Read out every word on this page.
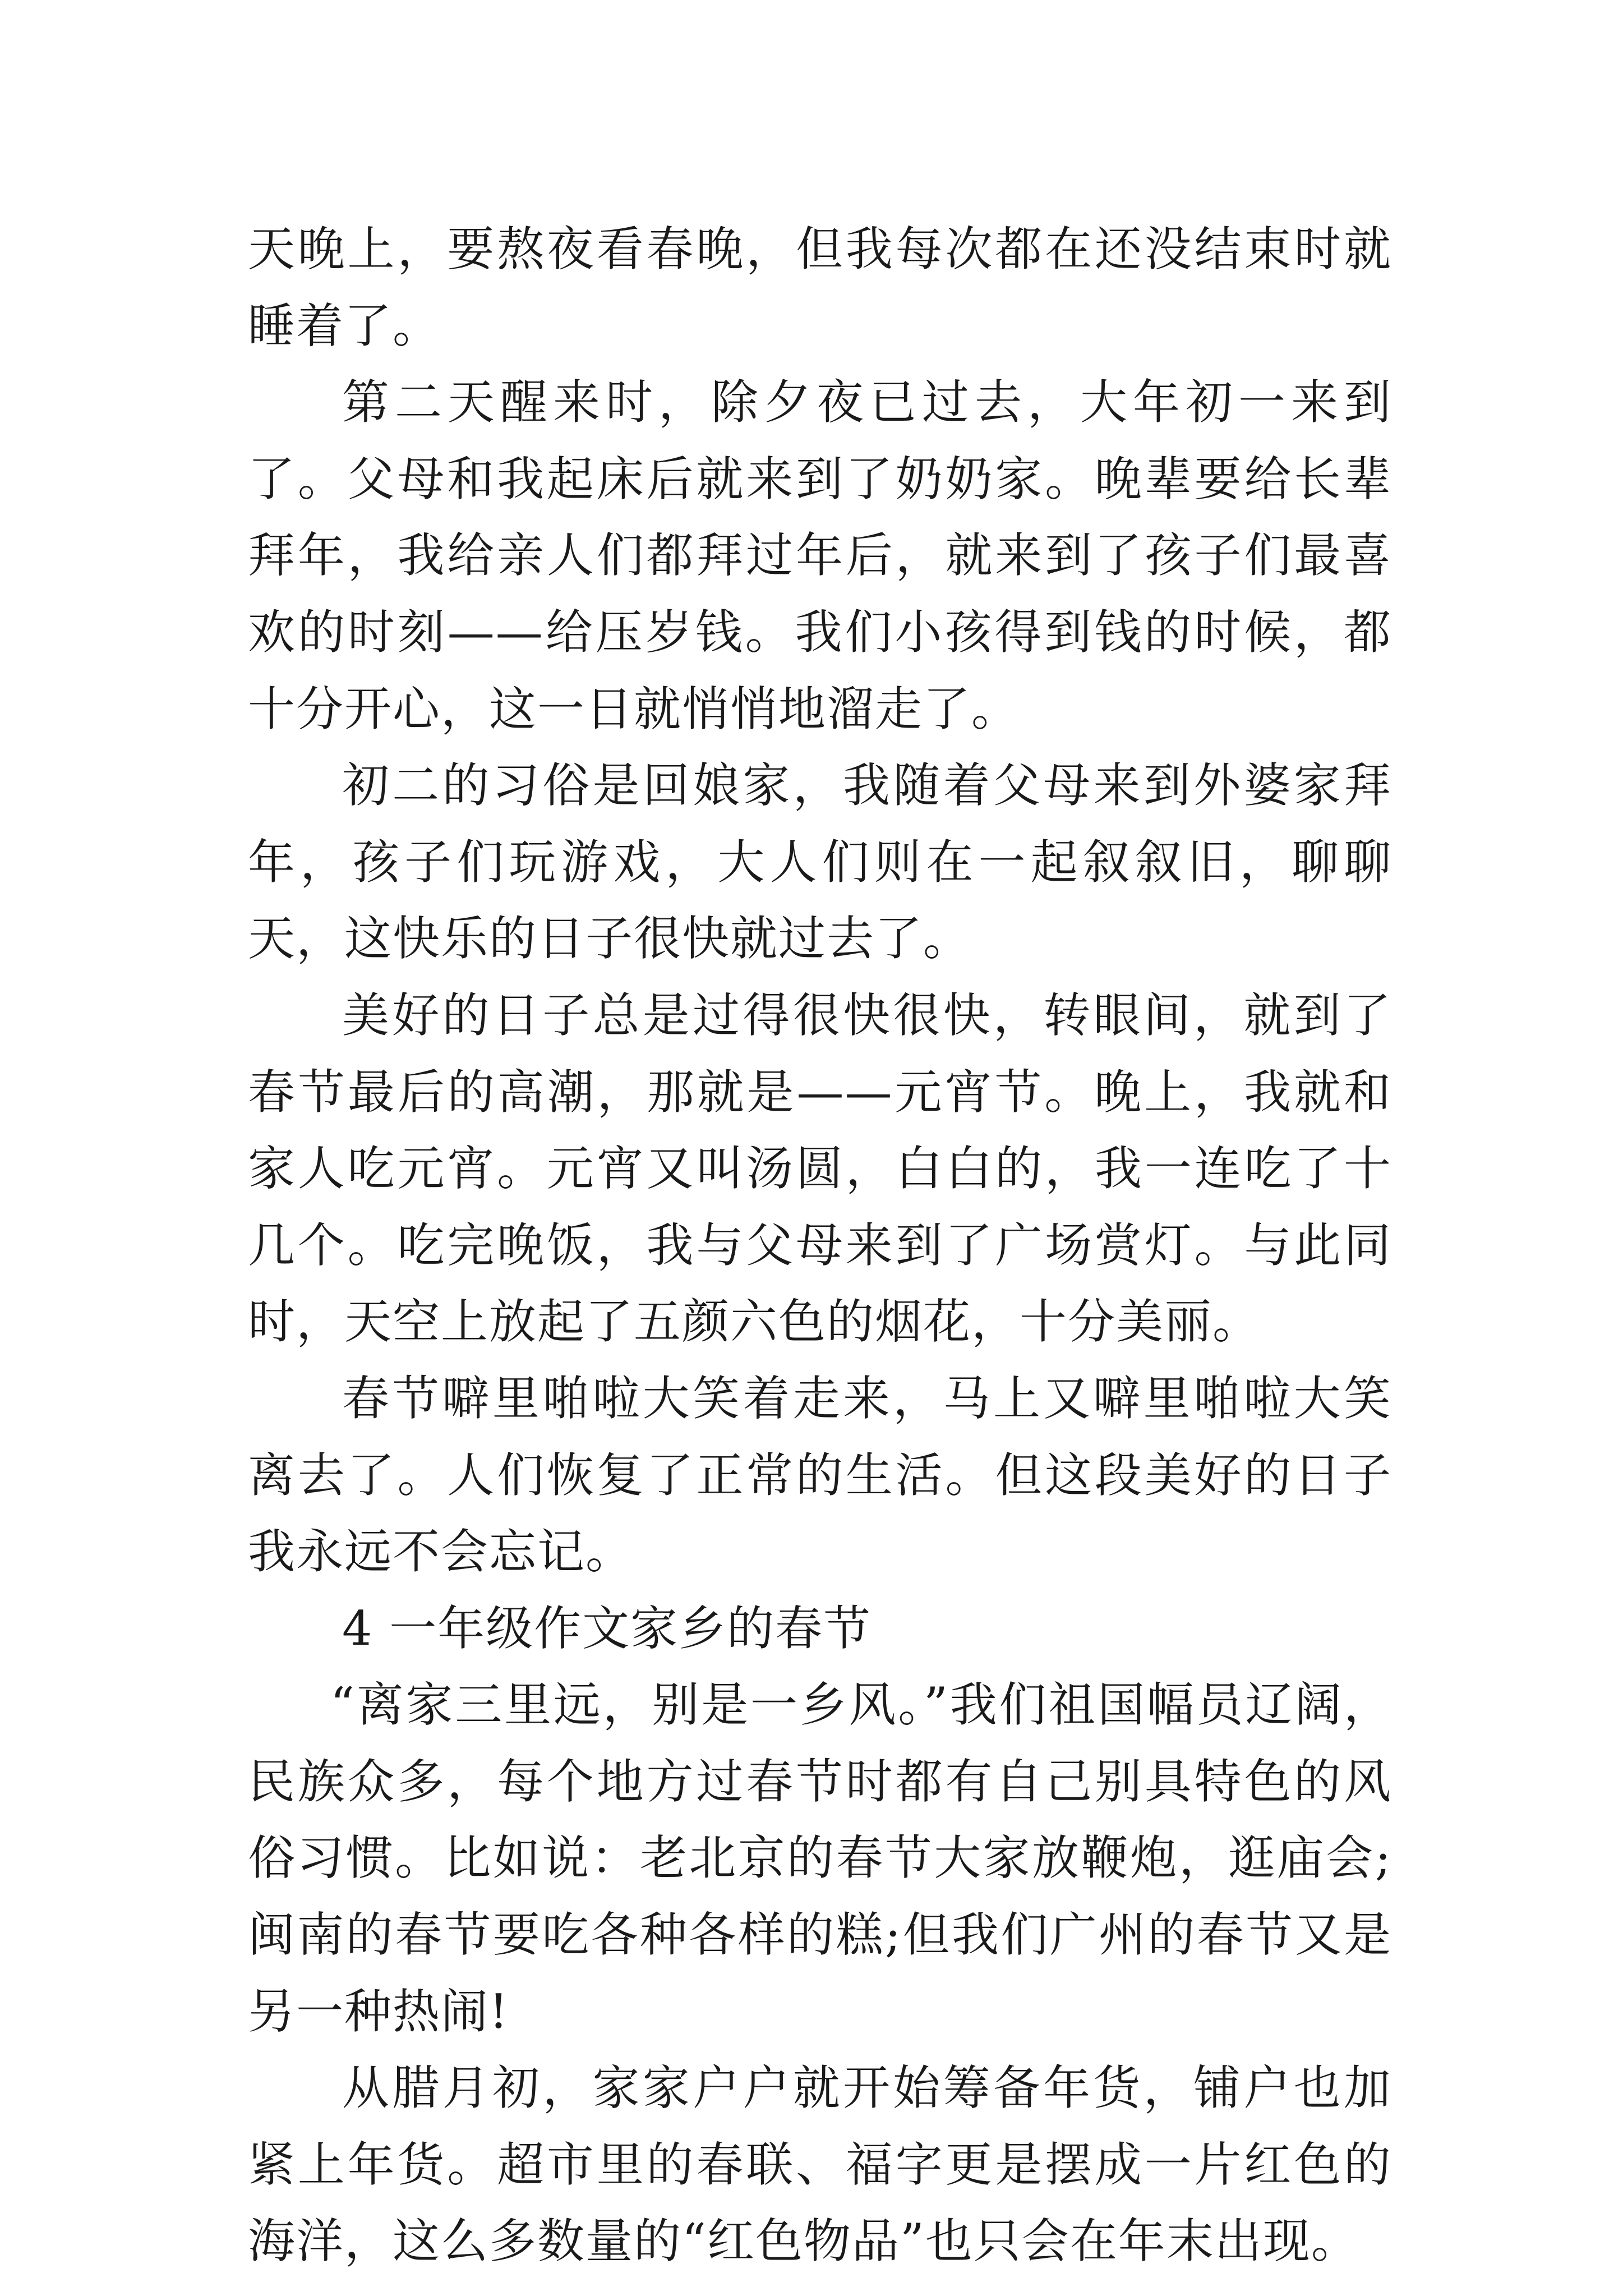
天晚上，要熬夜看春晚，但我每次都在还没结束时就睡着了。

第二天醒来时，除夕夜已过去，大年初一来到了。父母和我起床后就来到了奶奶家。晚辈要给长辈拜年，我给亲人们都拜过年后，就来到了孩子们最喜欢的时刻——给压岁钱。我们小孩得到钱的时候，都十分开心，这一日就悄悄地溜走了。

初二的习俗是回娘家，我随着父母来到外婆家拜年，孩子们玩游戏，大人们则在一起叙叙旧，聊聊天，这快乐的日子很快就过去了。

美好的日子总是过得很快很快，转眼间，就到了春节最后的高潮，那就是——元宵节。晚上，我就和家人吃元宵。元宵又叫汤圆，白白的，我一连吃了十几个。吃完晚饭，我与父母来到了广场赏灯。与此同时，天空上放起了五颜六色的烟花，十分美丽。

春节噼里啪啦大笑着走来，马上又噼里啪啦大笑离去了。人们恢复了正常的生活。但这段美好的日子我永远不会忘记。

4 一年级作文家乡的春节

“离家三里远，别是一乡风。”我们祖国幅员辽阔，民族众多，每个地方过春节时都有自己别具特色的风俗习惯。比如说：老北京的春节大家放鞭炮，逛庙会;闽南的春节要吃各种各样的糕;但我们广州的春节又是另一种热闹!

从腊月初，家家户户就开始筹备年货，铺户也加紧上年货。超市里的春联、福字更是摆成一片红色的海洋，这么多数量的“红色物品”也只会在年末出现。
